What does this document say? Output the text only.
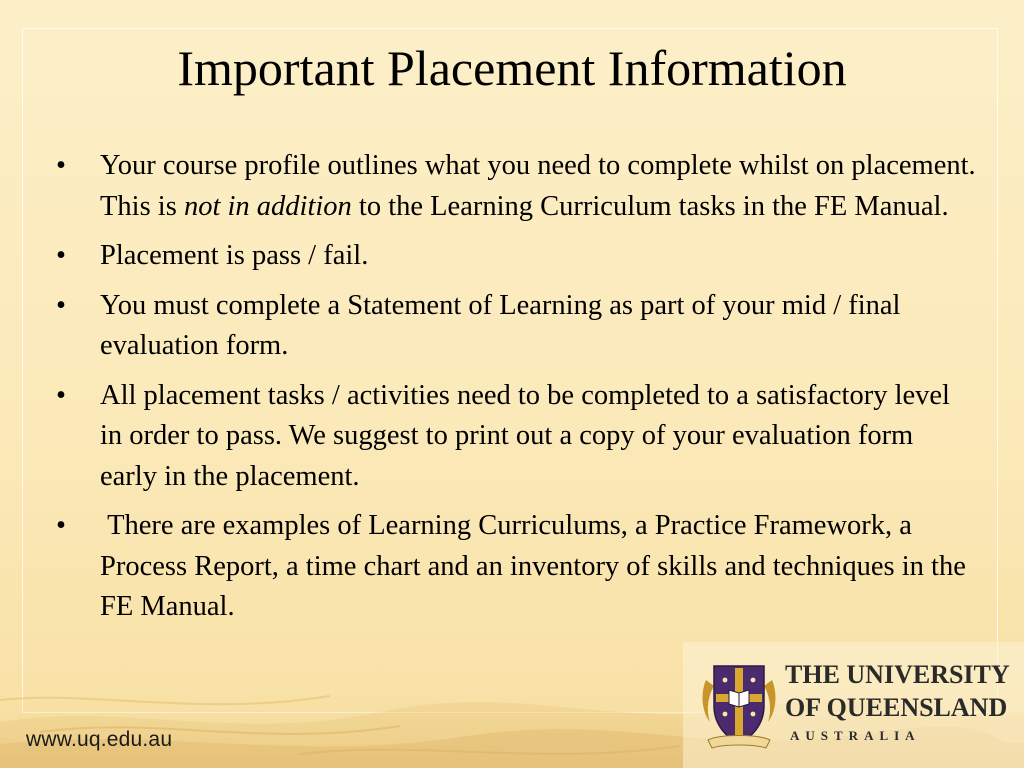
Important Placement Information
• Your course profile outlines what you need to complete whilst on placement. This is not in addition to the Learning Curriculum tasks in the FE Manual.
• Placement is pass / fail.
• You must complete a Statement of Learning as part of your mid / final evaluation form.
• All placement tasks / activities need to be completed to a satisfactory level in order to pass. We suggest to print out a copy of your evaluation form early in the placement.
• There are examples of Learning Curriculums, a Practice Framework, a Process Report, a time chart and an inventory of skills and techniques in the FE Manual.
www.uq.edu.au
THE UNIVERSITY
OF QUEENSLAND
AUSTRALIA
